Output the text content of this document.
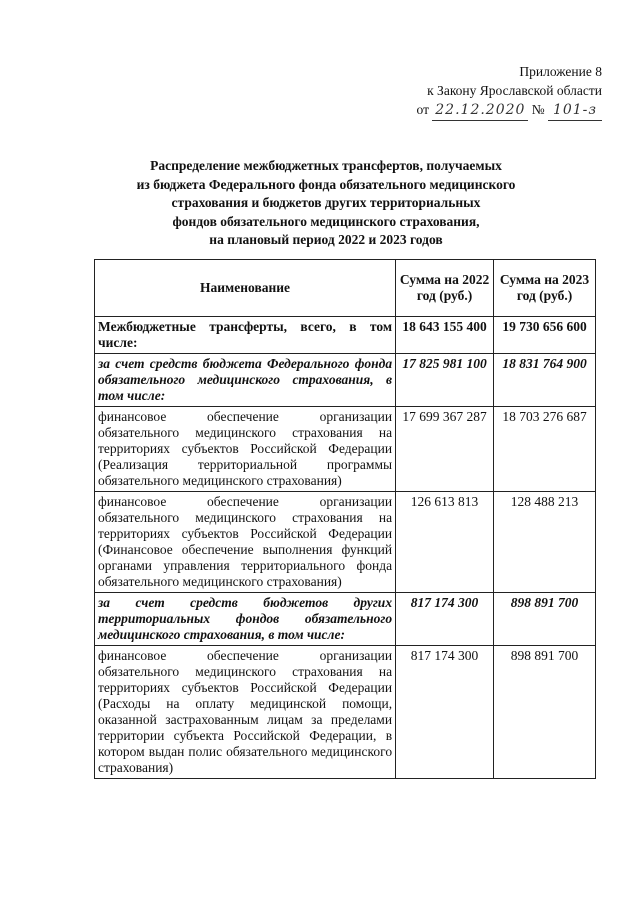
Приложение 8
к Закону Ярославской области
от 22.12.2020 № 101-з
Распределение межбюджетных трансфертов, получаемых
из бюджета Федерального фонда обязательного медицинского
страхования и бюджетов других территориальных
фондов обязательного медицинского страхования,
на плановый период 2022 и 2023 годов
Наименование	Сумма на 2022 год (руб.)	Сумма на 2023 год (руб.)
Межбюджетные трансферты, всего, в том числе:	18 643 155 400	19 730 656 600
за счет средств бюджета Федерального фонда обязательного медицинского страхования, в том числе:	17 825 981 100	18 831 764 900
финансовое обеспечение организации обязательного медицинского страхования на территориях субъектов Российской Федерации (Реализация территориальной программы обязательного медицинского страхования)	17 699 367 287	18 703 276 687
финансовое обеспечение организации обязательного медицинского страхования на территориях субъектов Российской Федерации (Финансовое обеспечение выполнения функций органами управления территориального фонда обязательного медицинского страхования)	126 613 813	128 488 213
за счет средств бюджетов других территориальных фондов обязательного медицинского страхования, в том числе:	817 174 300	898 891 700
финансовое обеспечение организации обязательного медицинского страхования на территориях субъектов Российской Федерации (Расходы на оплату медицинской помощи, оказанной застрахованным лицам за пределами территории субъекта Российской Федерации, в котором выдан полис обязательного медицинского страхования)	817 174 300	898 891 700
